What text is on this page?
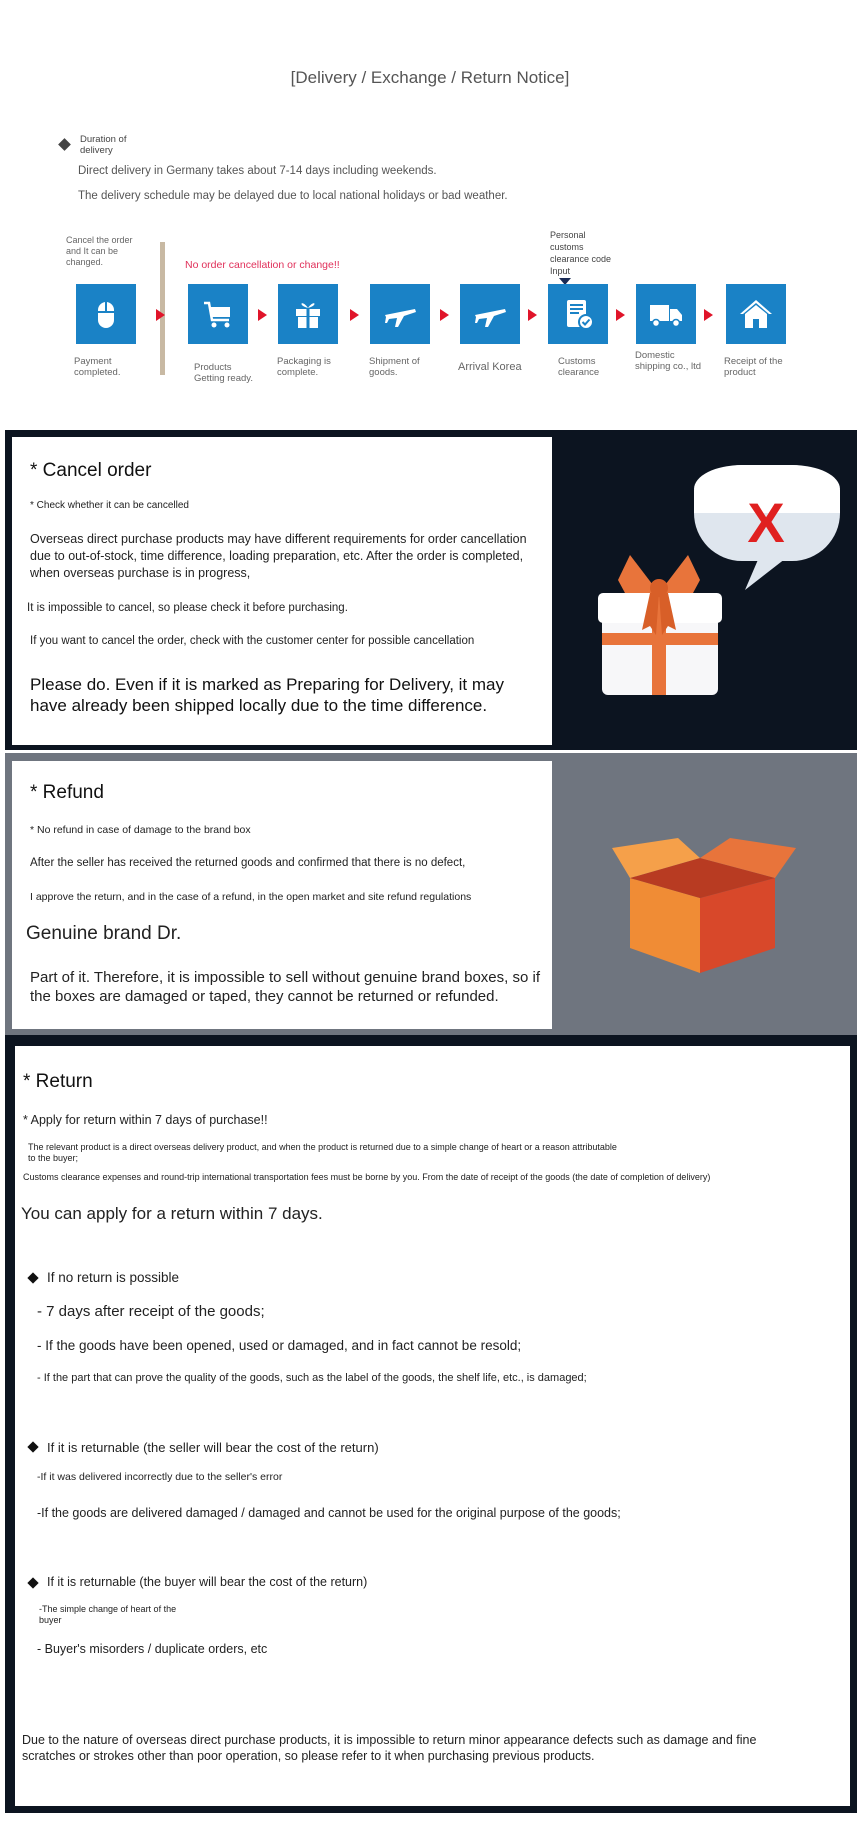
[Delivery / Exchange / Return Notice]
Duration of delivery
Direct delivery in Germany takes about 7-14 days including weekends.
The delivery schedule may be delayed due to local national holidays or bad weather.
Cancel the order and It can be changed.	No order cancellation or change!!
Personal customs clearance code Input
Payment completed.	Products Getting ready.
Packaging is complete.
Shipment of goods.	Arrival Korea	Customs clearance
Domestic shipping co., ltd	Receipt of the product
* Cancel order
* Check whether it can be cancelled
Overseas direct purchase products may have different requirements for order cancellation due to out-of-stock, time difference, loading preparation, etc. After the order is completed, when overseas purchase is in progress,
It is impossible to cancel, so please check it before purchasing.
If you want to cancel the order, check with the customer center for possible cancellation
Please do. Even if it is marked as Preparing for Delivery, it may have already been shipped locally due to the time difference.
X
* Refund
* No refund in case of damage to the brand box
After the seller has received the returned goods and confirmed that there is no defect,
I approve the return, and in the case of a refund, in the open market and site refund regulations
Genuine brand Dr.
Part of it. Therefore, it is impossible to sell without genuine brand boxes, so if the boxes are damaged or taped, they cannot be returned or refunded.
* Return
* Apply for return within 7 days of purchase!!
The relevant product is a direct overseas delivery product, and when the product is returned due to a simple change of heart or a reason attributable to the buyer;
Customs clearance expenses and round-trip international transportation fees must be borne by you. From the date of receipt of the goods (the date of completion of delivery)
You can apply for a return within 7 days.
If no return is possible
- 7 days after receipt of the goods;
- If the goods have been opened, used or damaged, and in fact cannot be resold;
- If the part that can prove the quality of the goods, such as the label of the goods, the shelf life, etc., is damaged;
If it is returnable (the seller will bear the cost of the return)
-If it was delivered incorrectly due to the seller's error
-If the goods are delivered damaged / damaged and cannot be used for the original purpose of the goods;
If it is returnable (the buyer will bear the cost of the return)
-The simple change of heart of the buyer
- Buyer's misorders / duplicate orders, etc
Due to the nature of overseas direct purchase products, it is impossible to return minor appearance defects such as damage and fine scratches or strokes other than poor operation, so please refer to it when purchasing previous products.
